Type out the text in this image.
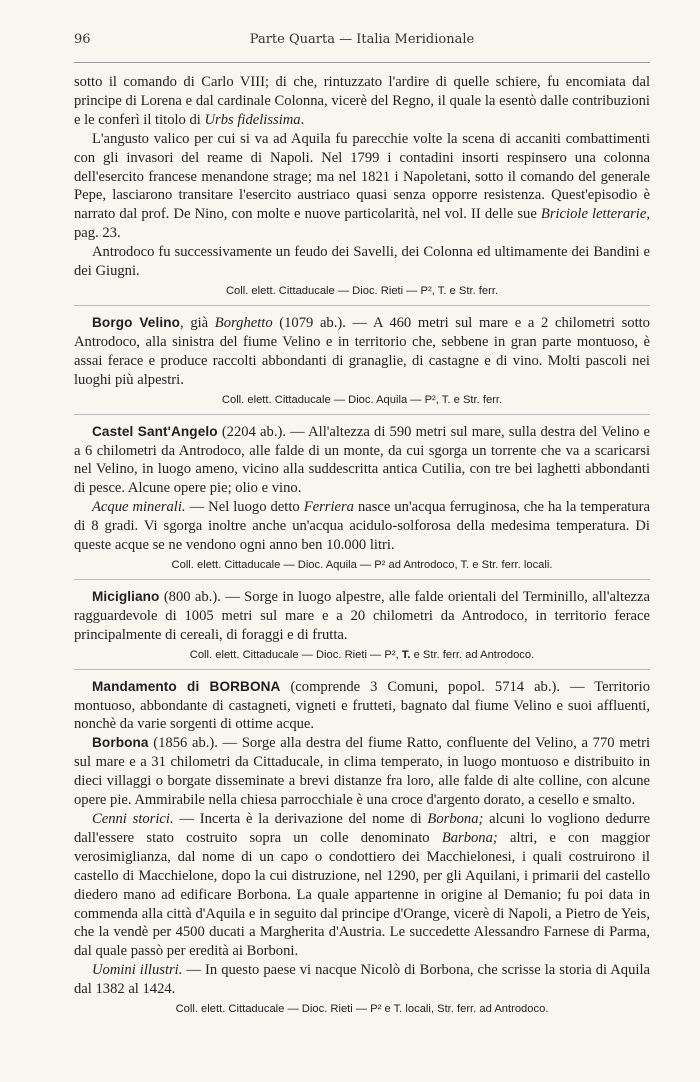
96	Parte Quarta — Italia Meridionale

sotto il comando di Carlo VIII; di che, rintuzzato l'ardire di quelle schiere, fu encomiata dal principe di Lorena e dal cardinale Colonna, vicerè del Regno, il quale la esentò dalle contribuzioni e le conferì il titolo di Urbs fidelissima.

L'angusto valico per cui si va ad Aquila fu parecchie volte la scena di accaniti combattimenti con gli invasori del reame di Napoli. Nel 1799 i contadini insorti respinsero una colonna dell'esercito francese menandone strage; ma nel 1821 i Napoletani, sotto il comando del generale Pepe, lasciarono transitare l'esercito austriaco quasi senza opporre resistenza. Quest'episodio è narrato dal prof. De Nino, con molte e nuove particolarità, nel vol. II delle sue Briciole letterarie, pag. 23.

Antrodoco fu successivamente un feudo dei Savelli, dei Colonna ed ultimamente dei Bandini e dei Giugni.

Coll. elett. Cittaducale — Dioc. Rieti — P², T. e Str. ferr.

Borgo Velino, già Borghetto (1079 ab.). — A 460 metri sul mare e a 2 chilometri sotto Antrodoco, alla sinistra del fiume Velino e in territorio che, sebbene in gran parte montuoso, è assai ferace e produce raccolti abbondanti di granaglie, di castagne e di vino. Molti pascoli nei luoghi più alpestri.

Coll. elett. Cittaducale — Dioc. Aquila — P², T. e Str. ferr.

Castel Sant'Angelo (2204 ab.). — All'altezza di 590 metri sul mare, sulla destra del Velino e a 6 chilometri da Antrodoco, alle falde di un monte, da cui sgorga un torrente che va a scaricarsi nel Velino, in luogo ameno, vicino alla suddescritta antica Cutilia, con tre bei laghetti abbondanti di pesce. Alcune opere pie; olio e vino.

Acque minerali. — Nel luogo detto Ferriera nasce un'acqua ferruginosa, che ha la temperatura di 8 gradi. Vi sgorga inoltre anche un'acqua acidulo-solforosa della medesima temperatura. Di queste acque se ne vendono ogni anno ben 10.000 litri.

Coll. elett. Cittaducale — Dioc. Aquila — P² ad Antrodoco, T. e Str. ferr. locali.

Micigliano (800 ab.). — Sorge in luogo alpestre, alle falde orientali del Terminillo, all'altezza ragguardevole di 1005 metri sul mare e a 20 chilometri da Antrodoco, in territorio ferace principalmente di cereali, di foraggi e di frutta.

Coll. elett. Cittaducale — Dioc. Rieti — P², T. e Str. ferr. ad Antrodoco.

Mandamento di BORBONA (comprende 3 Comuni, popol. 5714 ab.). — Territorio montuoso, abbondante di castagneti, vigneti e frutteti, bagnato dal fiume Velino e suoi affluenti, nonchè da varie sorgenti di ottime acque.

Borbona (1856 ab.). — Sorge alla destra del fiume Ratto, confluente del Velino, a 770 metri sul mare e a 31 chilometri da Cittaducale, in clima temperato, in luogo montuoso e distribuito in dieci villaggi o borgate disseminate a brevi distanze fra loro, alle falde di alte colline, con alcune opere pie. Ammirabile nella chiesa parrocchiale è una croce d'argento dorato, a cesello e smalto.

Cenni storici. — Incerta è la derivazione del nome di Borbona; alcuni lo vogliono dedurre dall'essere stato costruito sopra un colle denominato Barbona; altri, e con maggior verosimiglianza, dal nome di un capo o condottiero dei Macchielonesi, i quali costruirono il castello di Macchielone, dopo la cui distruzione, nel 1290, per gli Aquilani, i primarii del castello diedero mano ad edificare Borbona. La quale appartenne in origine al Demanio; fu poi data in commenda alla città d'Aquila e in seguito dal principe d'Orange, vicerè di Napoli, a Pietro de Yeis, che la vendè per 4500 ducati a Margherita d'Austria. Le succedette Alessandro Farnese di Parma, dal quale passò per eredità ai Borboni.

Uomini illustri. — In questo paese vi nacque Nicolò di Borbona, che scrisse la storia di Aquila dal 1382 al 1424.

Coll. elett. Cittaducale — Dioc. Rieti — P² e T. locali, Str. ferr. ad Antrodoco.
